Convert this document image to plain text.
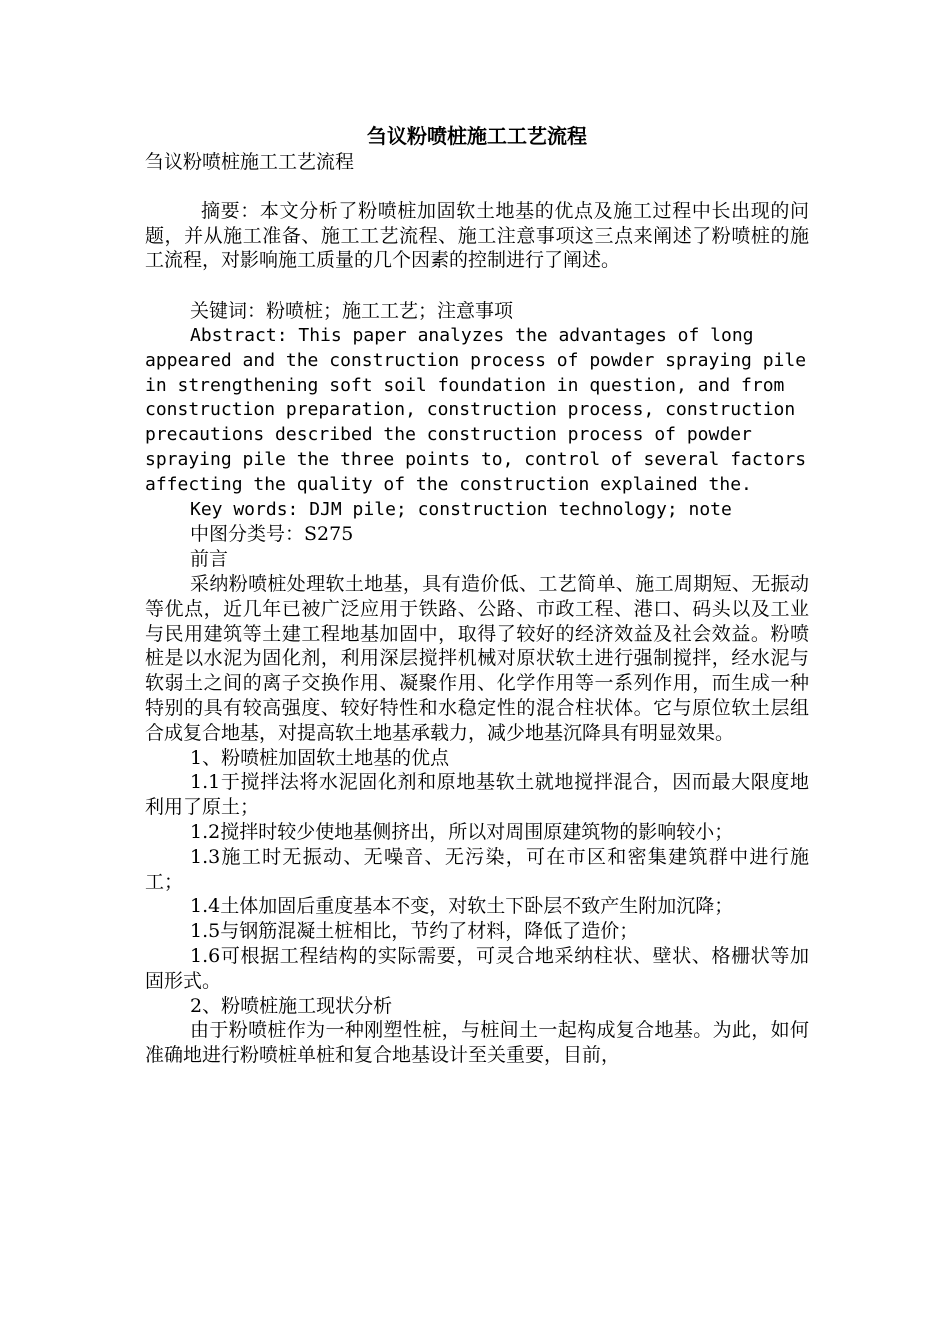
刍议粉喷桩施工工艺流程

刍议粉喷桩施工工艺流程

摘要：本文分析了粉喷桩加固软土地基的优点及施工过程中长出现的问题，并从施工准备、施工工艺流程、施工注意事项这三点来阐述了粉喷桩的施工流程，对影响施工质量的几个因素的控制进行了阐述。

关键词：粉喷桩；施工工艺；注意事项

Abstract: This paper analyzes the advantages of long appeared and the construction process of powder spraying pile in strengthening soft soil foundation in question, and from construction preparation, construction process, construction precautions described the construction process of powder spraying pile the three points to, control of several factors affecting the quality of the construction explained the.

Key words: DJM pile; construction technology; note

中图分类号：S275

前言

采纳粉喷桩处理软土地基，具有造价低、工艺简单、施工周期短、无振动等优点，近几年已被广泛应用于铁路、公路、市政工程、港口、码头以及工业与民用建筑等土建工程地基加固中，取得了较好的经济效益及社会效益。粉喷桩是以水泥为固化剂，利用深层搅拌机械对原状软土进行强制搅拌，经水泥与软弱土之间的离子交换作用、凝聚作用、化学作用等一系列作用，而生成一种特别的具有较高强度、较好特性和水稳定性的混合柱状体。它与原位软土层组合成复合地基，对提高软土地基承载力，减少地基沉降具有明显效果。

1、粉喷桩加固软土地基的优点

1.1于搅拌法将水泥固化剂和原地基软土就地搅拌混合，因而最大限度地利用了原土；

1.2搅拌时较少使地基侧挤出，所以对周围原建筑物的影响较小；

1.3施工时无振动、无噪音、无污染，可在市区和密集建筑群中进行施工；

1.4土体加固后重度基本不变，对软土下卧层不致产生附加沉降；

1.5与钢筋混凝土桩相比，节约了材料，降低了造价；

1.6可根据工程结构的实际需要，可灵合地采纳柱状、壁状、格栅状等加固形式。

2、粉喷桩施工现状分析

由于粉喷桩作为一种刚塑性桩，与桩间土一起构成复合地基。为此，如何准确地进行粉喷桩单桩和复合地基设计至关重要，目前，
